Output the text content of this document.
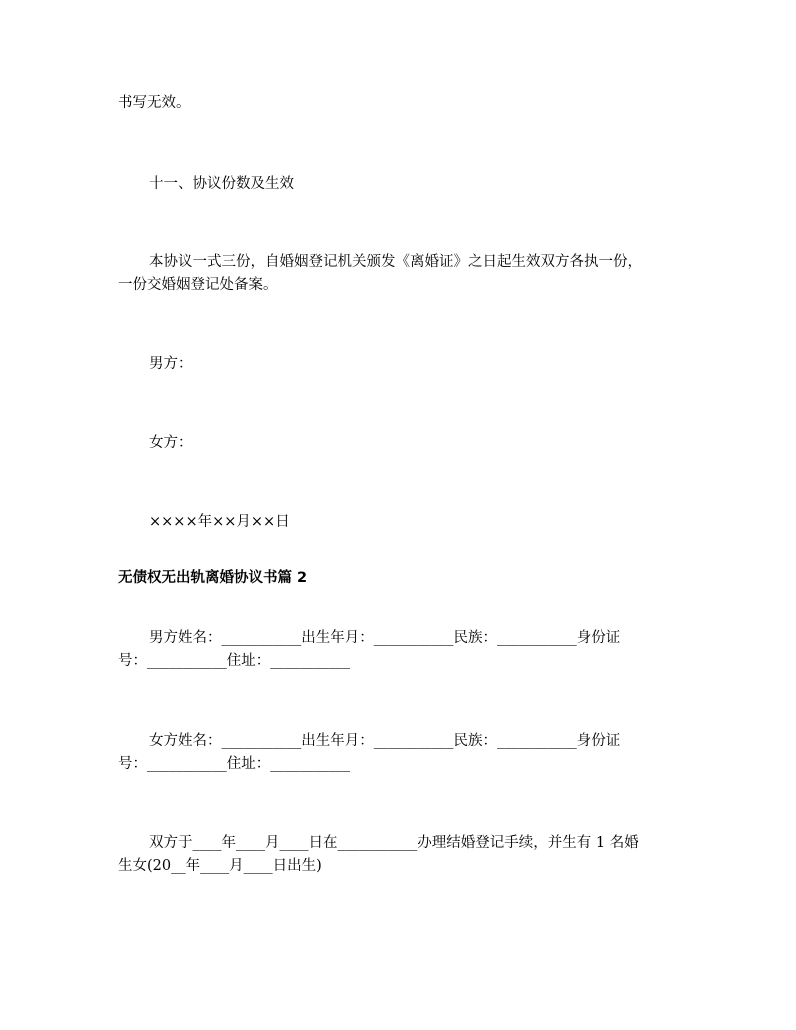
书写无效。
十一、协议份数及生效
本协议一式三份，自婚姻登记机关颁发《离婚证》之日起生效双方各执一份，
一份交婚姻登记处备案。
男方：
女方：
××××年××月××日
无债权无出轨离婚协议书篇 2
男方姓名：___________出生年月：___________民族：___________身份证
号：___________住址：___________
女方姓名：___________出生年月：___________民族：___________身份证
号：___________住址：___________
双方于____年____月____日在___________办理结婚登记手续，并生有 1 名婚
生女(20__年____月____日出生)
